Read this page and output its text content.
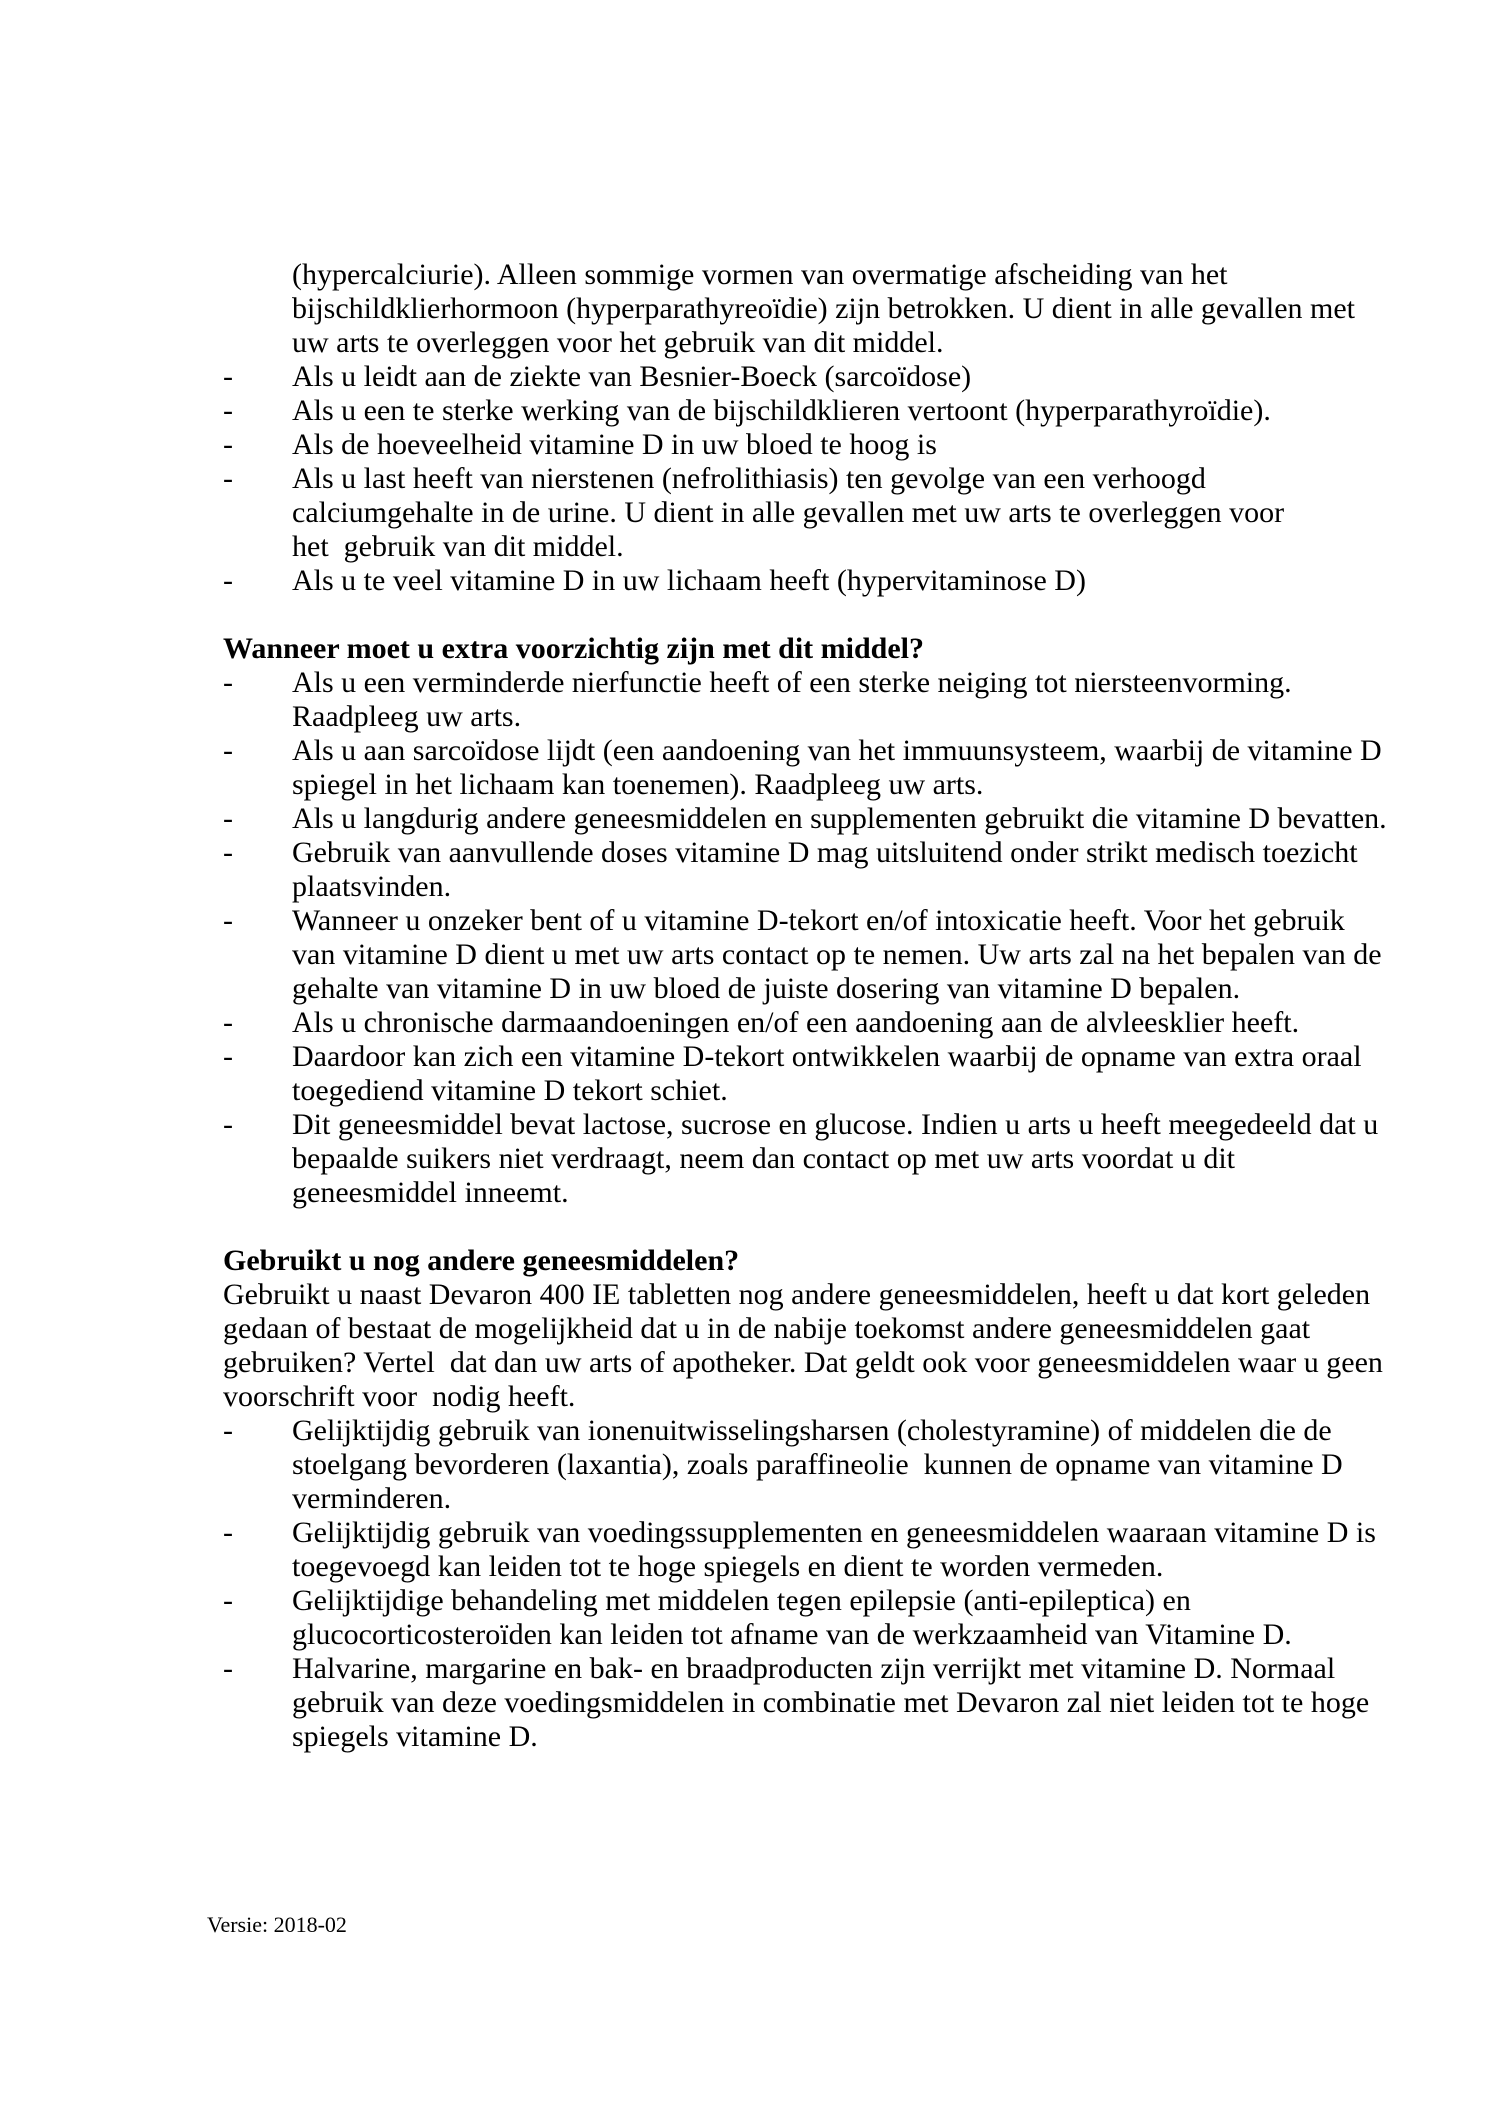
(hypercalciurie). Alleen sommige vormen van overmatige afscheiding van het
bijschildklierhormoon (hyperparathyreoïdie) zijn betrokken. U dient in alle gevallen met
uw arts te overleggen voor het gebruik van dit middel.
- Als u leidt aan de ziekte van Besnier-Boeck (sarcoïdose)
- Als u een te sterke werking van de bijschildklieren vertoont (hyperparathyroïdie).
- Als de hoeveelheid vitamine D in uw bloed te hoog is
- Als u last heeft van nierstenen (nefrolithiasis) ten gevolge van een verhoogd
calciumgehalte in de urine. U dient in alle gevallen met uw arts te overleggen voor
het  gebruik van dit middel.
- Als u te veel vitamine D in uw lichaam heeft (hypervitaminose D)
Wanneer moet u extra voorzichtig zijn met dit middel?
- Als u een verminderde nierfunctie heeft of een sterke neiging tot niersteenvorming.
Raadpleeg uw arts.
- Als u aan sarcoïdose lijdt (een aandoening van het immuunsysteem, waarbij de vitamine D
spiegel in het lichaam kan toenemen). Raadpleeg uw arts.
- Als u langdurig andere geneesmiddelen en supplementen gebruikt die vitamine D bevatten.
- Gebruik van aanvullende doses vitamine D mag uitsluitend onder strikt medisch toezicht
plaatsvinden.
- Wanneer u onzeker bent of u vitamine D-tekort en/of intoxicatie heeft. Voor het gebruik
van vitamine D dient u met uw arts contact op te nemen. Uw arts zal na het bepalen van de
gehalte van vitamine D in uw bloed de juiste dosering van vitamine D bepalen.
- Als u chronische darmaandoeningen en/of een aandoening aan de alvleesklier heeft.
- Daardoor kan zich een vitamine D-tekort ontwikkelen waarbij de opname van extra oraal
toegediend vitamine D tekort schiet.
- Dit geneesmiddel bevat lactose, sucrose en glucose. Indien u arts u heeft meegedeeld dat u
bepaalde suikers niet verdraagt, neem dan contact op met uw arts voordat u dit
geneesmiddel inneemt.
Gebruikt u nog andere geneesmiddelen?
Gebruikt u naast Devaron 400 IE tabletten nog andere geneesmiddelen, heeft u dat kort geleden
gedaan of bestaat de mogelijkheid dat u in de nabije toekomst andere geneesmiddelen gaat
gebruiken? Vertel  dat dan uw arts of apotheker. Dat geldt ook voor geneesmiddelen waar u geen
voorschrift voor  nodig heeft.
- Gelijktijdig gebruik van ionenuitwisselingsharsen (cholestyramine) of middelen die de
stoelgang bevorderen (laxantia), zoals paraffineolie  kunnen de opname van vitamine D
verminderen.
- Gelijktijdig gebruik van voedingssupplementen en geneesmiddelen waaraan vitamine D is
toegevoegd kan leiden tot te hoge spiegels en dient te worden vermeden.
- Gelijktijdige behandeling met middelen tegen epilepsie (anti-epileptica) en
glucocorticosteroïden kan leiden tot afname van de werkzaamheid van Vitamine D.
- Halvarine, margarine en bak- en braadproducten zijn verrijkt met vitamine D. Normaal
gebruik van deze voedingsmiddelen in combinatie met Devaron zal niet leiden tot te hoge
spiegels vitamine D.
Versie: 2018-02
